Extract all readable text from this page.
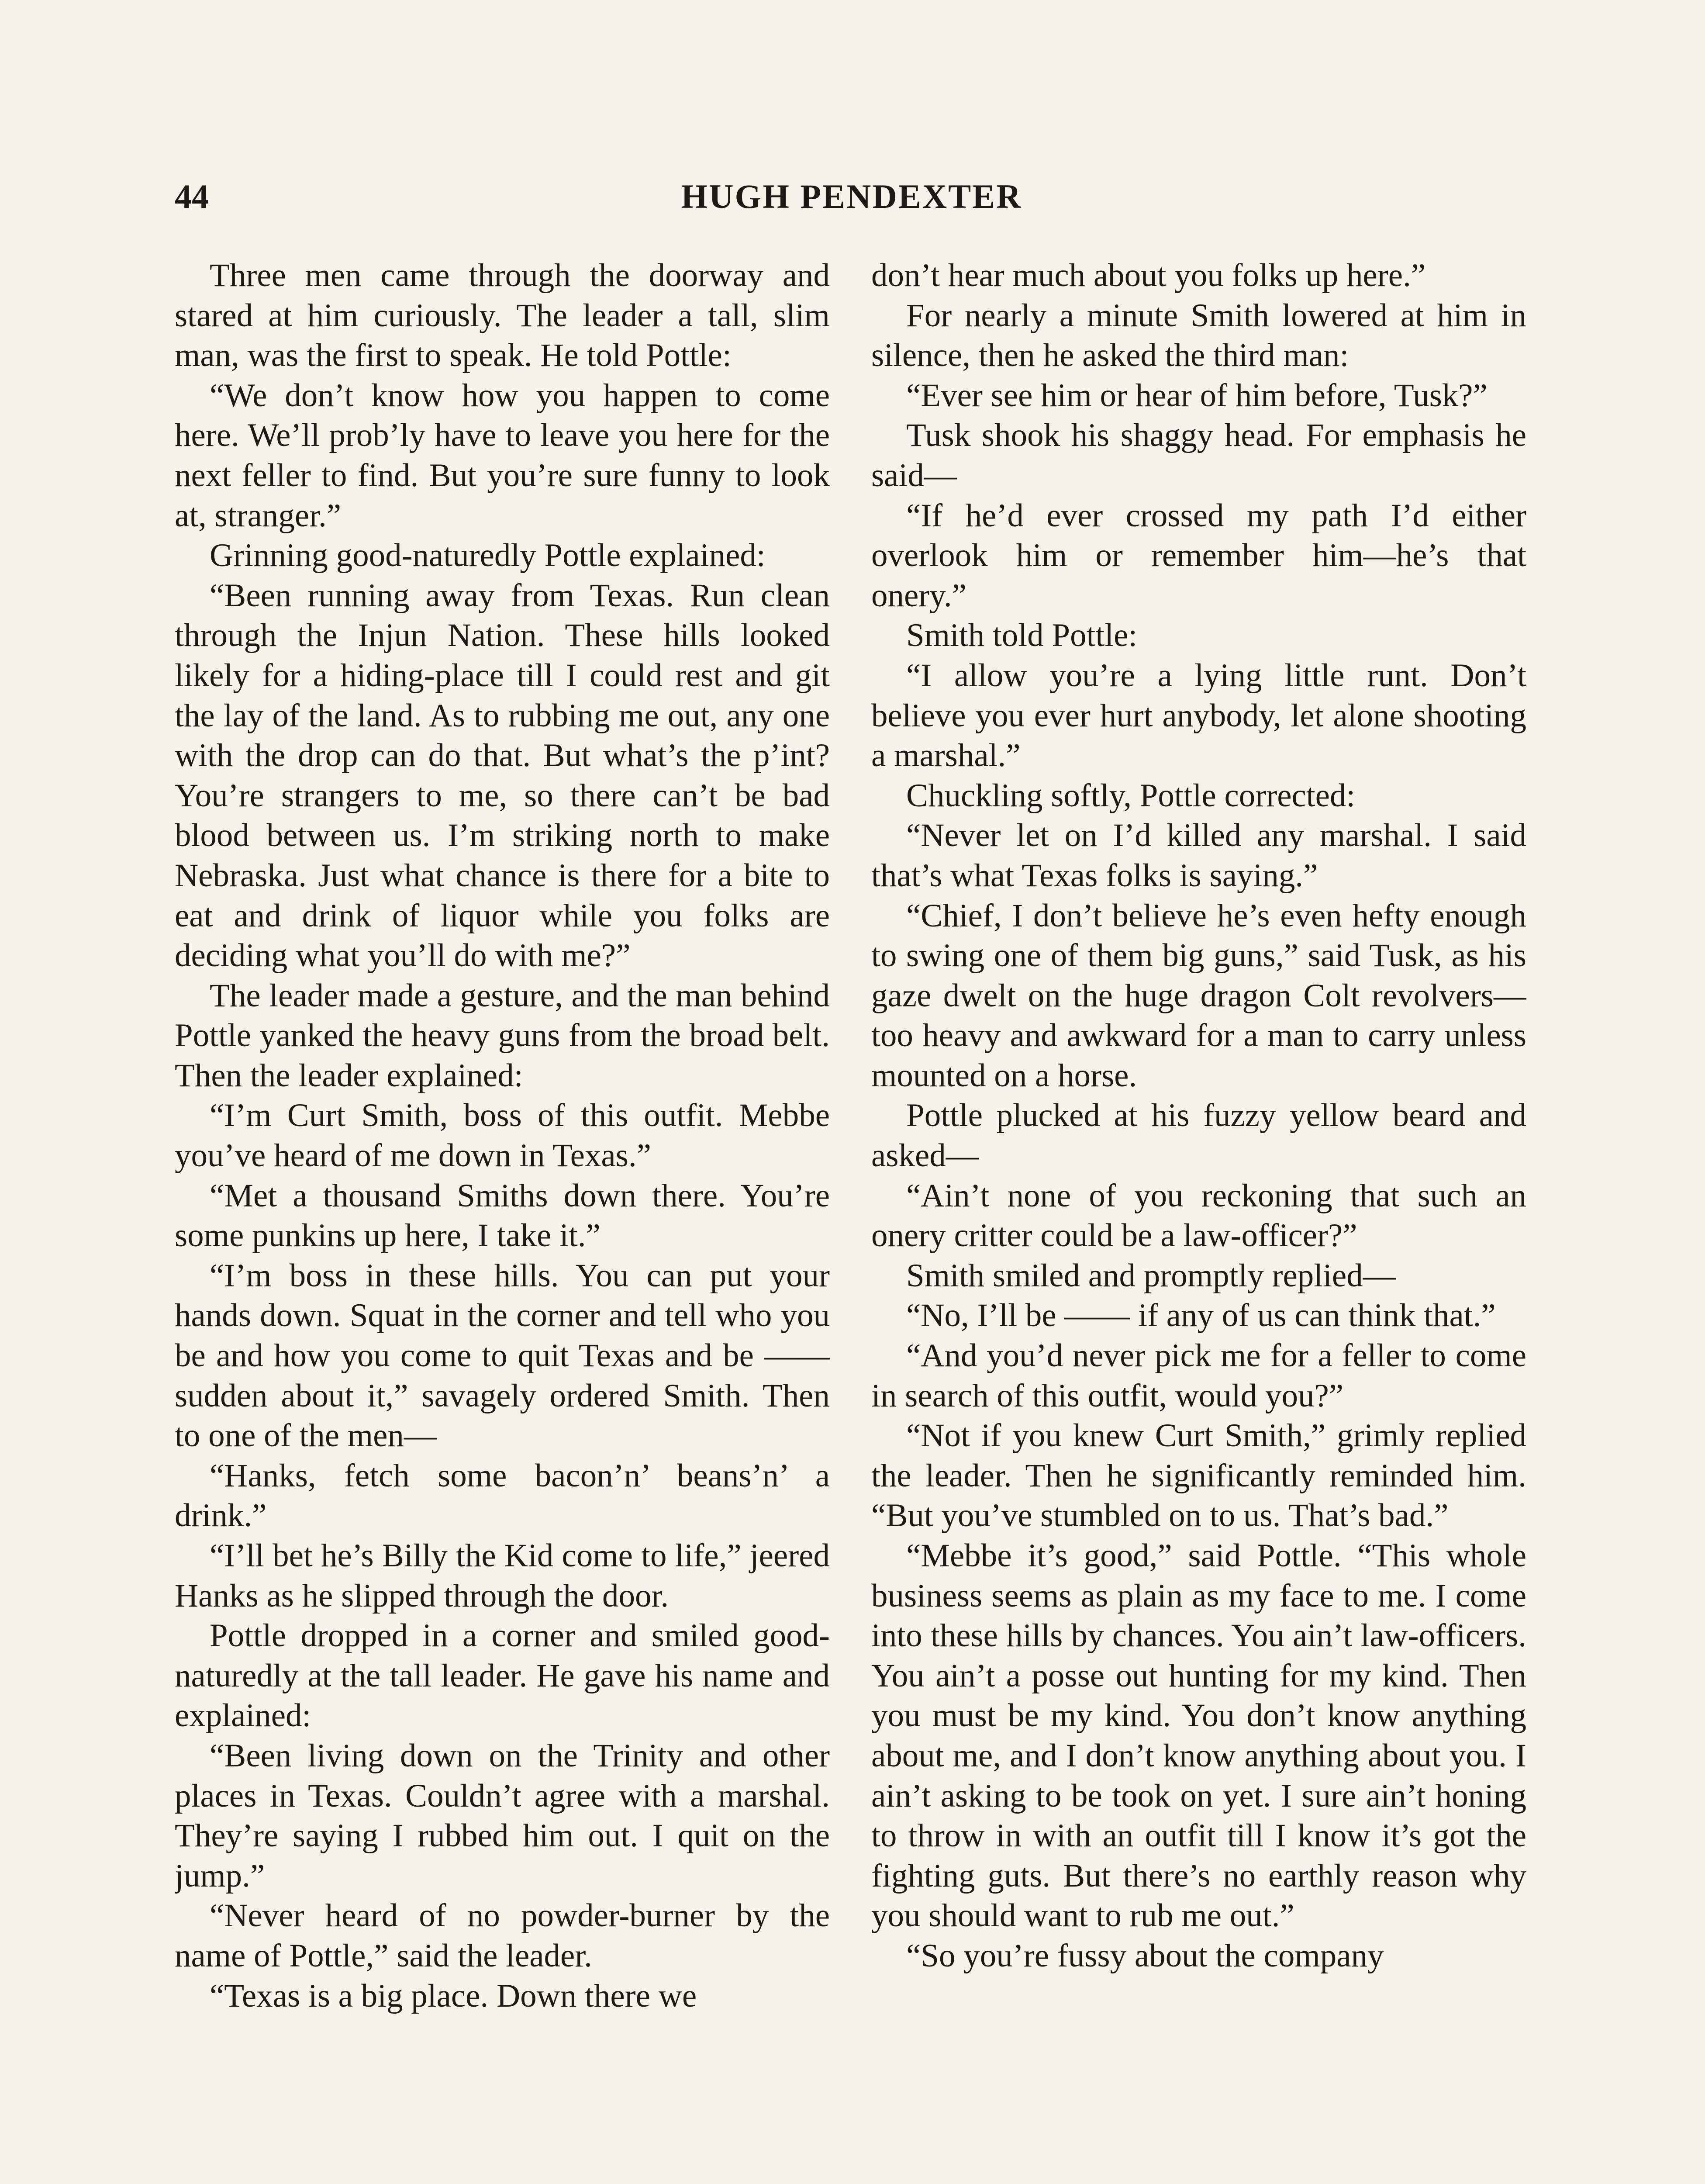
44	HUGH PENDEXTER

Three men came through the doorway and stared at him curiously. The leader a tall, slim man, was the first to speak. He told Pottle:

“We don’t know how you happen to come here. We’ll prob’ly have to leave you here for the next feller to find. But you’re sure funny to look at, stranger.”

Grinning good-naturedly Pottle explained:

“Been running away from Texas. Run clean through the Injun Nation. These hills looked likely for a hiding-place till I could rest and git the lay of the land. As to rubbing me out, any one with the drop can do that. But what’s the p’int? You’re strangers to me, so there can’t be bad blood between us. I’m striking north to make Nebraska. Just what chance is there for a bite to eat and drink of liquor while you folks are deciding what you’ll do with me?”

The leader made a gesture, and the man behind Pottle yanked the heavy guns from the broad belt. Then the leader explained:

“I’m Curt Smith, boss of this outfit. Mebbe you’ve heard of me down in Texas.”

“Met a thousand Smiths down there. You’re some punkins up here, I take it.”

“I’m boss in these hills. You can put your hands down. Squat in the corner and tell who you be and how you come to quit Texas and be —— sudden about it,” savagely ordered Smith. Then to one of the men—

“Hanks, fetch some bacon’n’ beans’n’ a drink.”

“I’ll bet he’s Billy the Kid come to life,” jeered Hanks as he slipped through the door.

Pottle dropped in a corner and smiled good-naturedly at the tall leader. He gave his name and explained:

“Been living down on the Trinity and other places in Texas. Couldn’t agree with a marshal. They’re saying I rubbed him out. I quit on the jump.”

“Never heard of no powder-burner by the name of Pottle,” said the leader.

“Texas is a big place. Down there we

don’t hear much about you folks up here.”

For nearly a minute Smith lowered at him in silence, then he asked the third man:

“Ever see him or hear of him before, Tusk?”

Tusk shook his shaggy head. For emphasis he said—

“If he’d ever crossed my path I’d either overlook him or remember him—he’s that onery.”

Smith told Pottle:

“I allow you’re a lying little runt. Don’t believe you ever hurt anybody, let alone shooting a marshal.”

Chuckling softly, Pottle corrected:

“Never let on I’d killed any marshal. I said that’s what Texas folks is saying.”

“Chief, I don’t believe he’s even hefty enough to swing one of them big guns,” said Tusk, as his gaze dwelt on the huge dragon Colt revolvers—too heavy and awkward for a man to carry unless mounted on a horse.

Pottle plucked at his fuzzy yellow beard and asked—

“Ain’t none of you reckoning that such an onery critter could be a law-officer?”

Smith smiled and promptly replied—

“No, I’ll be —— if any of us can think that.”

“And you’d never pick me for a feller to come in search of this outfit, would you?”

“Not if you knew Curt Smith,” grimly replied the leader. Then he significantly reminded him. “But you’ve stumbled on to us. That’s bad.”

“Mebbe it’s good,” said Pottle. “This whole business seems as plain as my face to me. I come into these hills by chances. You ain’t law-officers. You ain’t a posse out hunting for my kind. Then you must be my kind. You don’t know anything about me, and I don’t know anything about you. I ain’t asking to be took on yet. I sure ain’t honing to throw in with an outfit till I know it’s got the fighting guts. But there’s no earthly reason why you should want to rub me out.”

“So you’re fussy about the company
